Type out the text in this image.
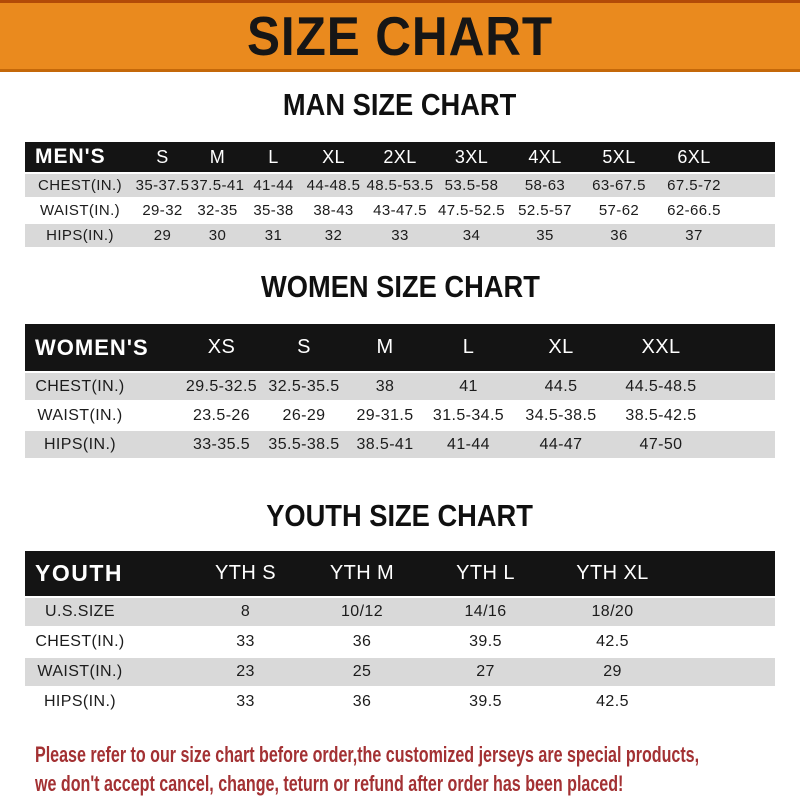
SIZE CHART
MAN SIZE CHART
MEN'S	S	M	L	XL	2XL	3XL	4XL	5XL	6XL
CHEST(IN.) 35-37.5 37.5-41 41-44 44-48.5 48.5-53.5 53.5-58	58-63	63-67.5	67.5-72
WAIST(IN.)	29-32 32-35	35-38	38-43	43-47.5 47.5-52.5 52.5-57	57-62	62-66.5
HIPS(IN.)	29	30	31	32	33	34	35	36	37
WOMEN SIZE CHART
WOMEN'S	XS	S	M	L	XL	XXL
CHEST(IN.)	29.5-32.5 32.5-35.5	38	41	44.5	44.5-48.5
WAIST(IN.)	23.5-26	26-29	29-31.5	31.5-34.5	34.5-38.5	38.5-42.5
HIPS(IN.)	33-35.5	35.5-38.5	38.5-41	41-44	44-47	47-50
YOUTH SIZE CHART
YOUTH	YTH S	YTH M	YTH L	YTH XL
U.S.SIZE	8	10/12	14/16	18/20
CHEST(IN.)	33	36	39.5	42.5
WAIST(IN.)	23	25	27	29
HIPS(IN.)	33	36	39.5	42.5

Please refer to our size chart before order,the customized jerseys are special products,

we don't accept cancel, change, teturn or refund after order has been placed!
